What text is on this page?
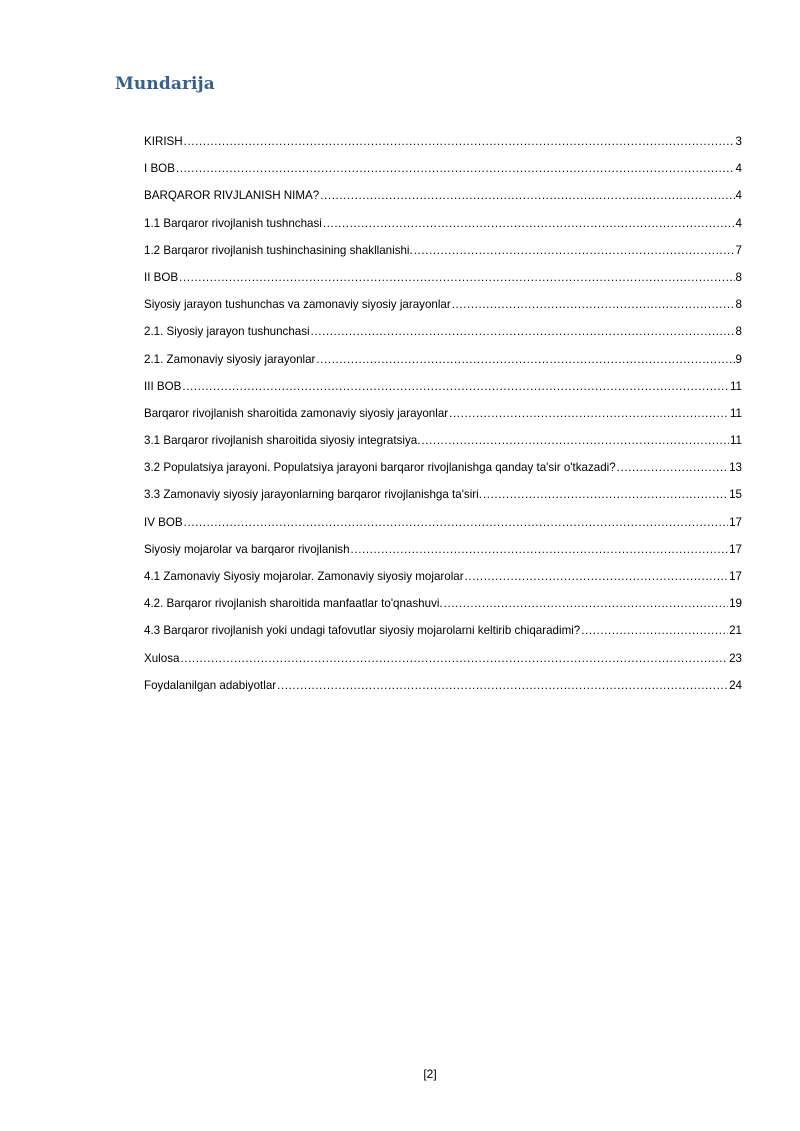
Mundarija
KIRISH .....	3
I BOB .....	4
BARQAROR RIVJLANISH NIMA? .....	4
1.1 Barqaror rivojlanish tushnchasi .....	4
1.2 Barqaror rivojlanish tushinchasining shakllanishi. .....	7
II BOB .....	8
Siyosiy jarayon tushunchas va zamonaviy siyosiy jarayonlar .....	8
2.1. Siyosiy jarayon tushunchasi .....	8
2.1. Zamonaviy siyosiy jarayonlar .....	9
III BOB .....	11
Barqaror rivojlanish sharoitida zamonaviy siyosiy jarayonlar .....	11
3.1 Barqaror rivojlanish sharoitida siyosiy integratsiya. .....	11
3.2 Populatsiya jarayoni. Populatsiya jarayoni barqaror rivojlanishga qanday ta'sir o'tkazadi? .....	13
3.3 Zamonaviy siyosiy jarayonlarning barqaror rivojlanishga ta'siri. .....	15
IV BOB .....	17
Siyosiy mojarolar va barqaror rivojlanish .....	17
4.1 Zamonaviy Siyosiy mojarolar. Zamonaviy siyosiy mojarolar .....	17
4.2. Barqaror rivojlanish sharoitida manfaatlar to'qnashuvi. .....	19
4.3 Barqaror rivojlanish yoki undagi tafovutlar siyosiy mojarolarni keltirib chiqaradimi? .....	21
Xulosa .....	23
Foydalanilgan adabiyotlar .....	24
[2]
